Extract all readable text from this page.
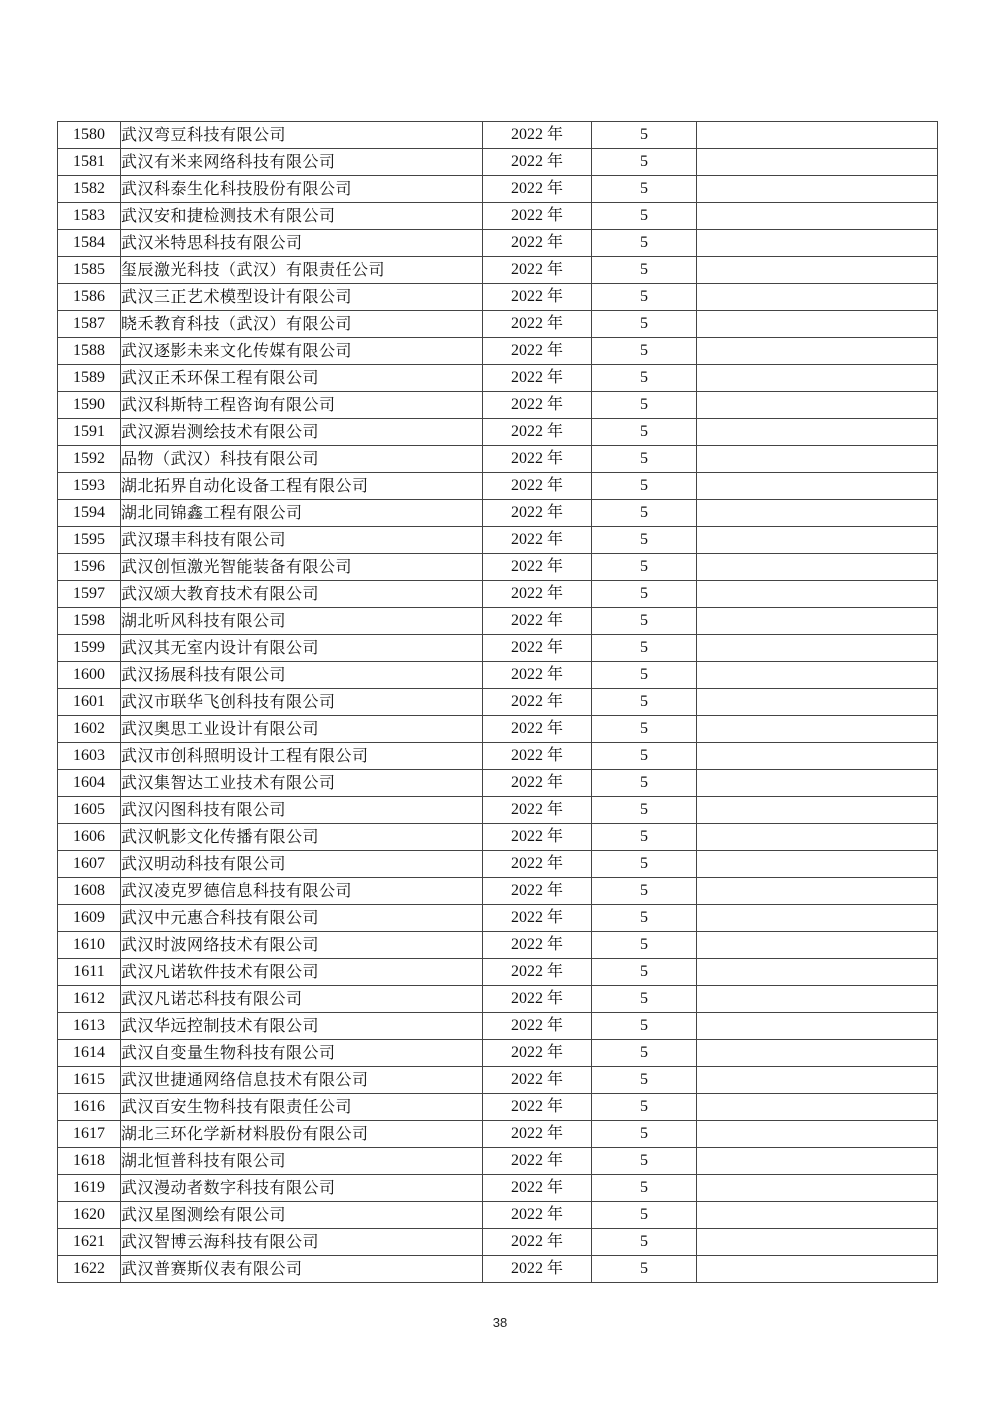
1580	武汉弯豆科技有限公司	2022 年	5	
1581	武汉有米来网络科技有限公司	2022 年	5	
1582	武汉科泰生化科技股份有限公司	2022 年	5	
1583	武汉安和捷检测技术有限公司	2022 年	5	
1584	武汉米特思科技有限公司	2022 年	5	
1585	玺辰激光科技（武汉）有限责任公司	2022 年	5	
1586	武汉三正艺术模型设计有限公司	2022 年	5	
1587	晓禾教育科技（武汉）有限公司	2022 年	5	
1588	武汉逐影未来文化传媒有限公司	2022 年	5	
1589	武汉正禾环保工程有限公司	2022 年	5	
1590	武汉科斯特工程咨询有限公司	2022 年	5	
1591	武汉源岩测绘技术有限公司	2022 年	5	
1592	品物（武汉）科技有限公司	2022 年	5	
1593	湖北拓界自动化设备工程有限公司	2022 年	5	
1594	湖北同锦鑫工程有限公司	2022 年	5	
1595	武汉璟丰科技有限公司	2022 年	5	
1596	武汉创恒激光智能装备有限公司	2022 年	5	
1597	武汉颂大教育技术有限公司	2022 年	5	
1598	湖北听风科技有限公司	2022 年	5	
1599	武汉其无室内设计有限公司	2022 年	5	
1600	武汉扬展科技有限公司	2022 年	5	
1601	武汉市联华飞创科技有限公司	2022 年	5	
1602	武汉奥思工业设计有限公司	2022 年	5	
1603	武汉市创科照明设计工程有限公司	2022 年	5	
1604	武汉集智达工业技术有限公司	2022 年	5	
1605	武汉闪图科技有限公司	2022 年	5	
1606	武汉帆影文化传播有限公司	2022 年	5	
1607	武汉明动科技有限公司	2022 年	5	
1608	武汉凌克罗德信息科技有限公司	2022 年	5	
1609	武汉中元惠合科技有限公司	2022 年	5	
1610	武汉时波网络技术有限公司	2022 年	5	
1611	武汉凡诺软件技术有限公司	2022 年	5	
1612	武汉凡诺芯科技有限公司	2022 年	5	
1613	武汉华远控制技术有限公司	2022 年	5	
1614	武汉自变量生物科技有限公司	2022 年	5	
1615	武汉世捷通网络信息技术有限公司	2022 年	5	
1616	武汉百安生物科技有限责任公司	2022 年	5	
1617	湖北三环化学新材料股份有限公司	2022 年	5	
1618	湖北恒普科技有限公司	2022 年	5	
1619	武汉漫动者数字科技有限公司	2022 年	5	
1620	武汉星图测绘有限公司	2022 年	5	
1621	武汉智博云海科技有限公司	2022 年	5	
1622	武汉普赛斯仪表有限公司	2022 年	5	
38
